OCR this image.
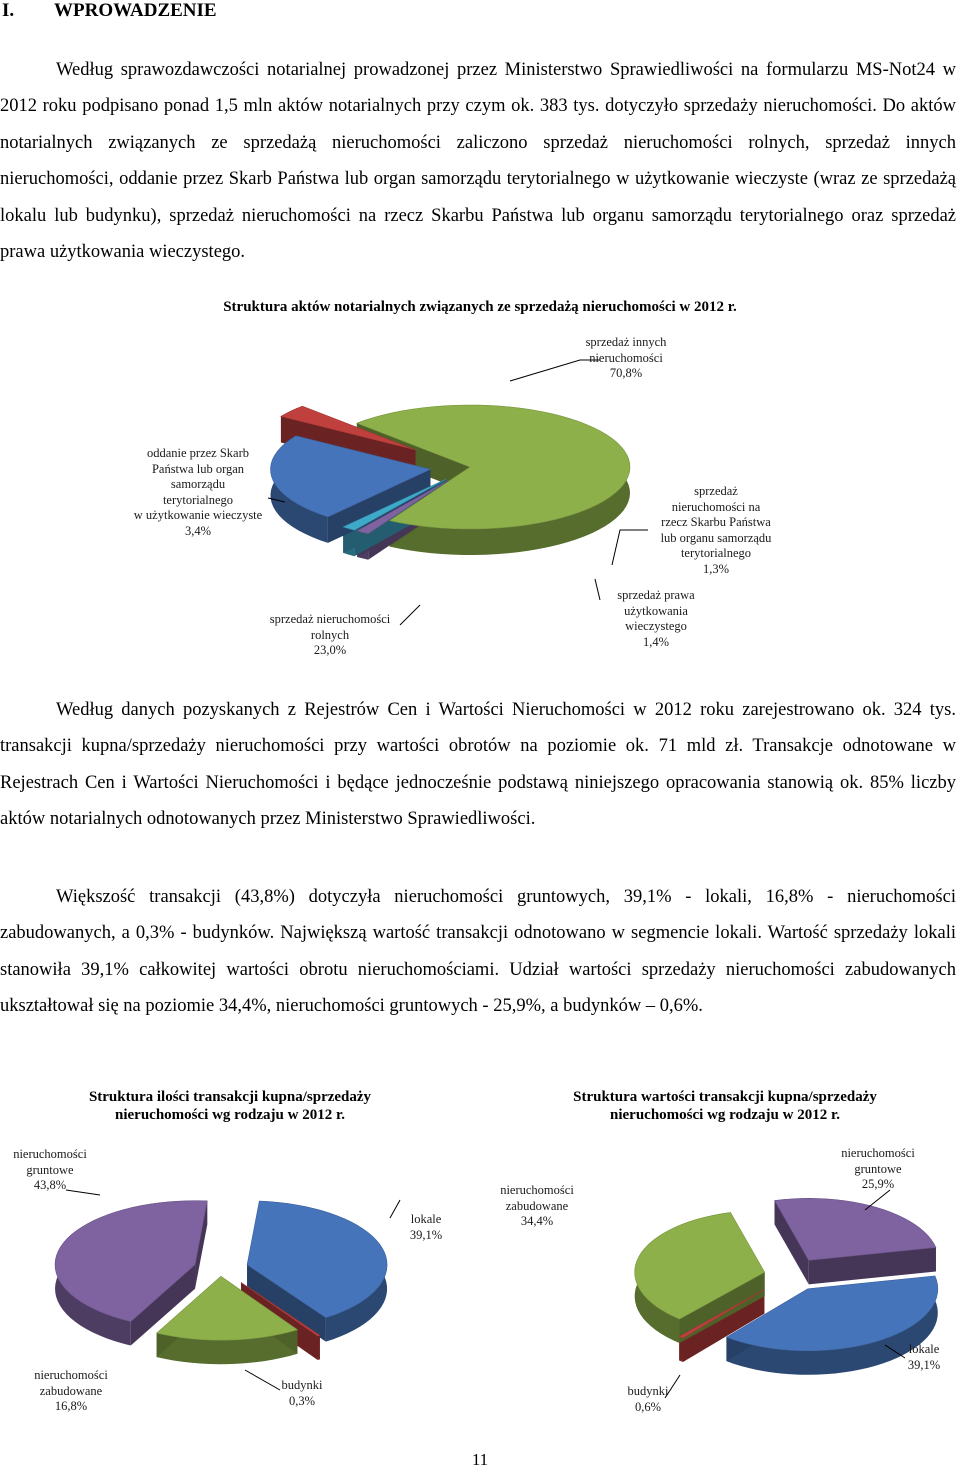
I. WPROWADZENIE

Według sprawozdawczości notarialnej prowadzonej przez Ministerstwo Sprawiedliwości na formularzu MS-Not24 w 2012 roku podpisano ponad 1,5 mln aktów notarialnych przy czym ok. 383 tys. dotyczyło sprzedaży nieruchomości. Do aktów notarialnych związanych ze sprzedażą nieruchomości zaliczono sprzedaż nieruchomości rolnych, sprzedaż innych nieruchomości, oddanie przez Skarb Państwa lub organ samorządu terytorialnego w użytkowanie wieczyste (wraz ze sprzedażą lokalu lub budynku), sprzedaż nieruchomości na rzecz Skarbu Państwa lub organu samorządu terytorialnego oraz sprzedaż prawa użytkowania wieczystego.

Struktura aktów notarialnych związanych ze sprzedażą nieruchomości w 2012 r.
sprzedaż innych
nieruchomości
70,8%
oddanie przez Skarb
Państwa lub organ
samorządu
terytorialnego
w użytkowanie wieczyste
3,4%
sprzedaż
nieruchomości na
rzecz Skarbu Państwa
lub organu samorządu
terytorialnego
1,3%
sprzedaż prawa
użytkowania
wieczystego
1,4%
sprzedaż nieruchomości
rolnych
23,0%

Według danych pozyskanych z Rejestrów Cen i Wartości Nieruchomości w 2012 roku zarejestrowano ok. 324 tys. transakcji kupna/sprzedaży nieruchomości przy wartości obrotów na poziomie ok. 71 mld zł. Transakcje odnotowane w Rejestrach Cen i Wartości Nieruchomości i będące jednocześnie podstawą niniejszego opracowania stanowią ok. 85% liczby aktów notarialnych odnotowanych przez Ministerstwo Sprawiedliwości.

Większość transakcji (43,8%) dotyczyła nieruchomości gruntowych, 39,1% - lokali, 16,8% - nieruchomości zabudowanych, a 0,3% - budynków. Największą wartość transakcji odnotowano w segmencie lokali. Wartość sprzedaży lokali stanowiła 39,1% całkowitej wartości obrotu nieruchomościami. Udział wartości sprzedaży nieruchomości zabudowanych ukształtował się na poziomie 34,4%, nieruchomości gruntowych - 25,9%, a budynków – 0,6%.

Struktura ilości transakcji kupna/sprzedaży nieruchomości wg rodzaju w 2012 r.
nieruchomości
gruntowe
43,8%
lokale
39,1%
nieruchomości
zabudowane
16,8%
budynki
0,3%
Struktura wartości transakcji kupna/sprzedaży nieruchomości wg rodzaju w 2012 r.
nieruchomości
gruntowe
25,9%
nieruchomości
zabudowane
34,4%
lokale
39,1%
budynki
0,6%
11
